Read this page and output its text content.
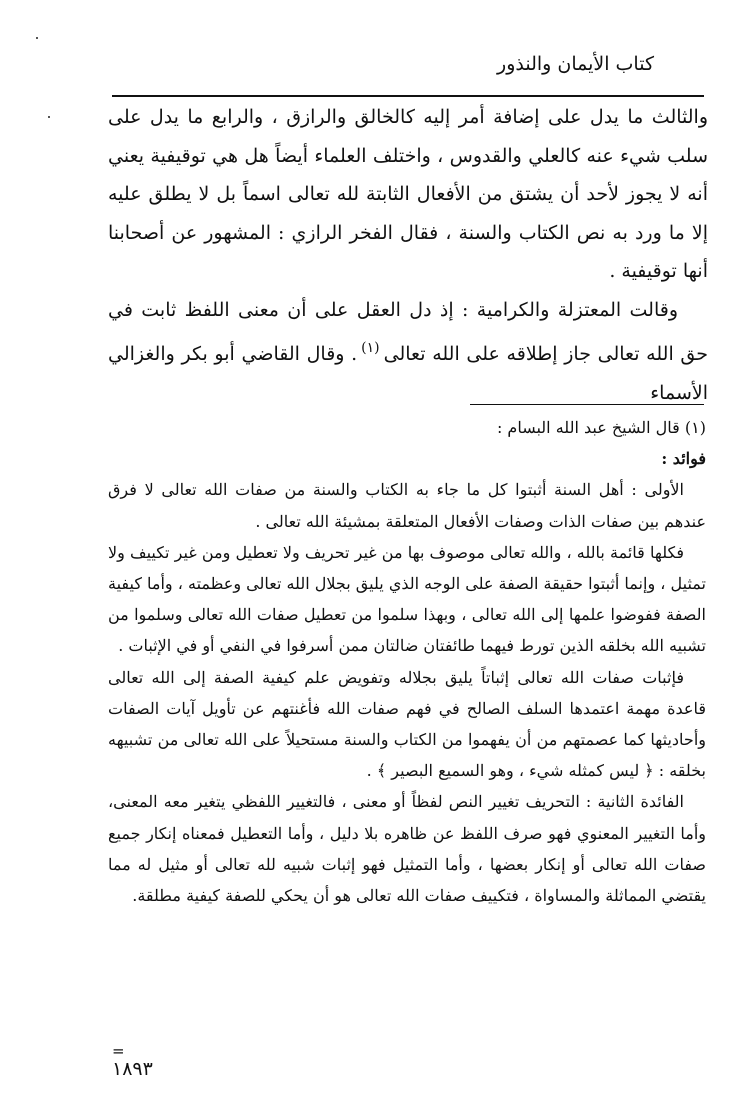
كتاب الأيمان والنذور

والثالث ما يدل على إضافة أمر إليه كالخالق والرازق ، والرابع ما يدل على سلب شيء عنه كالعلي والقدوس ، واختلف العلماء أيضاً هل هي توقيفية يعني أنه لا يجوز لأحد أن يشتق من الأفعال الثابتة لله تعالى اسماً بل لا يطلق عليه إلا ما ورد به نص الكتاب والسنة ، فقال الفخر الرازي : المشهور عن أصحابنا أنها توقيفية .

وقالت المعتزلة والكرامية : إذ دل العقل على أن معنى اللفظ ثابت في حق الله تعالى جاز إطلاقه على الله تعالى$^{(١)}$. وقال القاضي أبو بكر والغزالي الأسماء

(١) قال الشيخ عبد الله البسام :

فوائد :

الأولى : أهل السنة أثبتوا كل ما جاء به الكتاب والسنة من صفات الله تعالى لا فرق عندهم بين صفات الذات وصفات الأفعال المتعلقة بمشيئة الله تعالى .

فكلها قائمة بالله ، والله تعالى موصوف بها من غير تحريف ولا تعطيل ومن غير تكييف ولا تمثيل ، وإنما أثبتوا حقيقة الصفة على الوجه الذي يليق بجلال الله تعالى وعظمته ، وأما كيفية الصفة ففوضوا علمها إلى الله تعالى ، وبهذا سلموا من تعطيل صفات الله تعالى وسلموا من تشبيه الله بخلقه الذين تورط فيهما طائفتان ضالتان ممن أسرفوا في النفي أو في الإثبات .

فإثبات صفات الله تعالى إثباتاً يليق بجلاله وتفويض علم كيفية الصفة إلى الله تعالى قاعدة مهمة اعتمدها السلف الصالح في فهم صفات الله فأغنتهم عن تأويل آيات الصفات وأحاديثها كما عصمتهم من أن يفهموا من الكتاب والسنة مستحيلاً على الله تعالى من تشبيهه بخلقه : ﴿ ليس كمثله شيء ، وهو السميع البصير ﴾ .

الفائدة الثانية : التحريف تغيير النص لفظاً أو معنى ، فالتغيير اللفظي يتغير معه المعنى، وأما التغيير المعنوي فهو صرف اللفظ عن ظاهره بلا دليل ، وأما التعطيل فمعناه إنكار جميع صفات الله تعالى أو إنكار بعضها ، وأما التمثيل فهو إثبات شبيه لله تعالى أو مثيل له مما يقتضي المماثلة والمساواة ، فتكييف صفات الله تعالى هو أن يحكي للصفة كيفية مطلقة.

=
١٨٩٣
